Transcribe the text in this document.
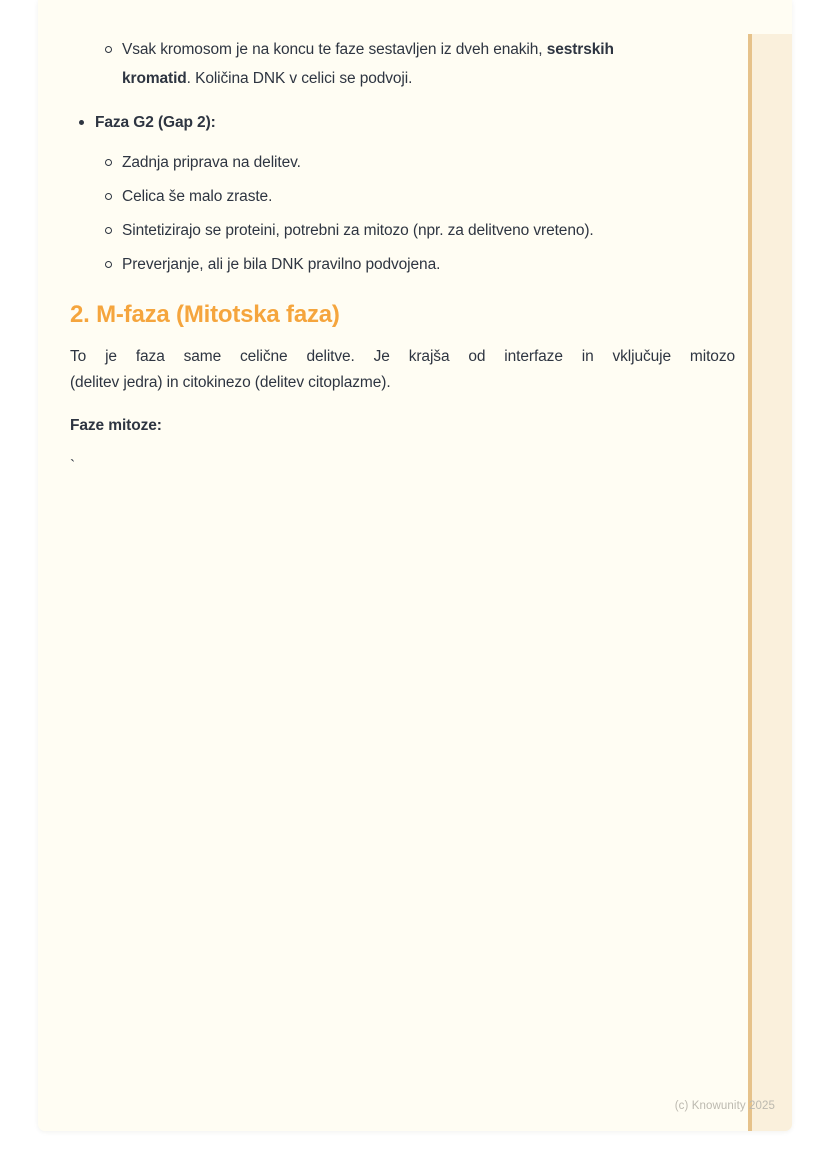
Vsak kromosom je na koncu te faze sestavljen iz dveh enakih, sestrskih
kromatid. Količina DNK v celici se podvoji.
Faza G2 (Gap 2):
Zadnja priprava na delitev.
Celica še malo zraste.
Sintetizirajo se proteini, potrebni za mitozo (npr. za delitveno vreteno).
Preverjanje, ali je bila DNK pravilno podvojena.
2. M-faza (Mitotska faza)
To je faza same celične delitve. Je krajša od interfaze in vključuje mitozo
(delitev jedra) in citokinezo (delitev citoplazme).
Faze mitoze:
`
(c) Knowunity 2025
